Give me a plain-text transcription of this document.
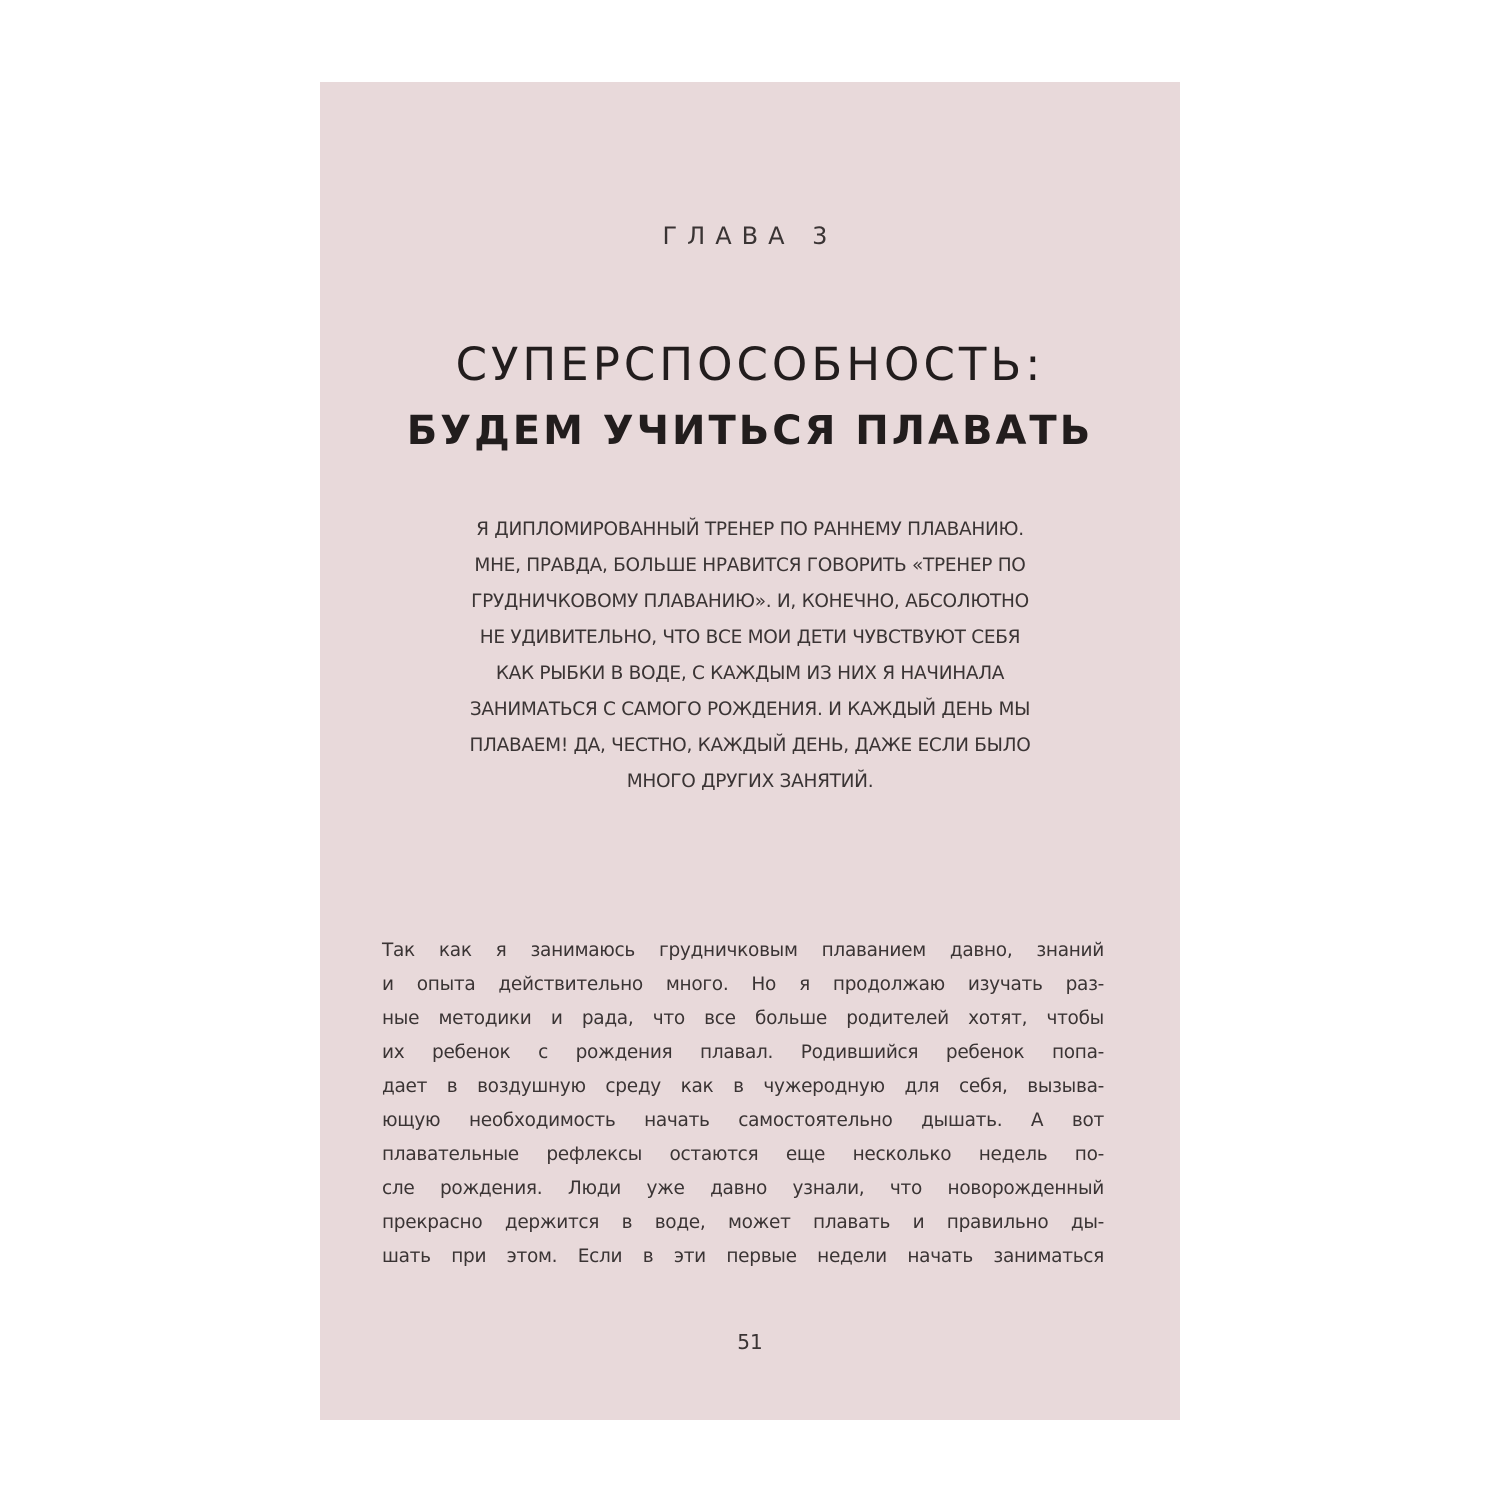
ГЛАВА 3

СУПЕРСПОСОБНОСТЬ:
БУДЕМ УЧИТЬСЯ ПЛАВАТЬ

Я ДИПЛОМИРОВАННЫЙ ТРЕНЕР ПО РАННЕМУ ПЛАВАНИЮ.
МНЕ, ПРАВДА, БОЛЬШЕ НРАВИТСЯ ГОВОРИТЬ «ТРЕНЕР ПО
ГРУДНИЧКОВОМУ ПЛАВАНИЮ». И, КОНЕЧНО, АБСОЛЮТНО
НЕ УДИВИТЕЛЬНО, ЧТО ВСЕ МОИ ДЕТИ ЧУВСТВУЮТ СЕБЯ
КАК РЫБКИ В ВОДЕ, С КАЖДЫМ ИЗ НИХ Я НАЧИНАЛА
ЗАНИМАТЬСЯ С САМОГО РОЖДЕНИЯ. И КАЖДЫЙ ДЕНЬ МЫ
ПЛАВАЕМ! ДА, ЧЕСТНО, КАЖДЫЙ ДЕНЬ, ДАЖЕ ЕСЛИ БЫЛО
МНОГО ДРУГИХ ЗАНЯТИЙ.

Так как я занимаюсь грудничковым плаванием давно, знаний
и опыта действительно много. Но я продолжаю изучать раз-
ные методики и рада, что все больше родителей хотят, чтобы
их ребенок с рождения плавал. Родившийся ребенок попа-
дает в воздушную среду как в чужеродную для себя, вызыва-
ющую необходимость начать самостоятельно дышать. А вот
плавательные рефлексы остаются еще несколько недель по-
сле рождения. Люди уже давно узнали, что новорожденный
прекрасно держится в воде, может плавать и правильно ды-
шать при этом. Если в эти первые недели начать заниматься

51
